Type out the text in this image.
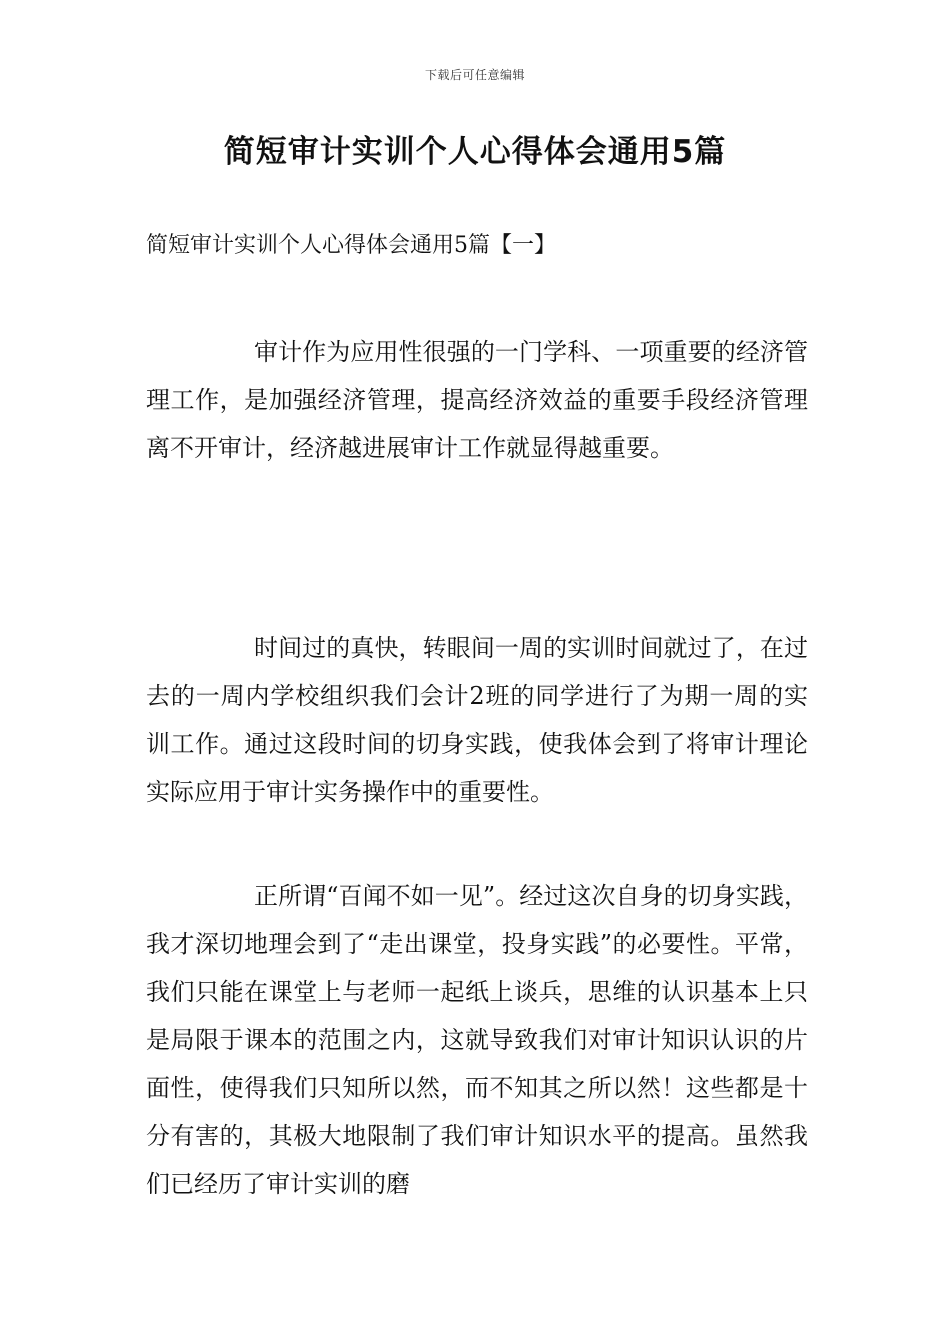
下载后可任意编辑
简短审计实训个人心得体会通用5篇
简短审计实训个人心得体会通用5篇【一】

审计作为应用性很强的一门学科、一项重要的经济管理工作，是加强经济管理，提高经济效益的重要手段经济管理离不开审计，经济越进展审计工作就显得越重要。

时间过的真快，转眼间一周的实训时间就过了，在过去的一周内学校组织我们会计2班的同学进行了为期一周的实训工作。通过这段时间的切身实践，使我体会到了将审计理论实际应用于审计实务操作中的重要性。

正所谓“百闻不如一见”。经过这次自身的切身实践，我才深切地理会到了“走出课堂，投身实践”的必要性。平常，我们只能在课堂上与老师一起纸上谈兵，思维的认识基本上只是局限于课本的范围之内，这就导致我们对审计知识认识的片面性，使得我们只知所以然，而不知其之所以然！这些都是十分有害的，其极大地限制了我们审计知识水平的提高。虽然我们已经历了审计实训的磨
